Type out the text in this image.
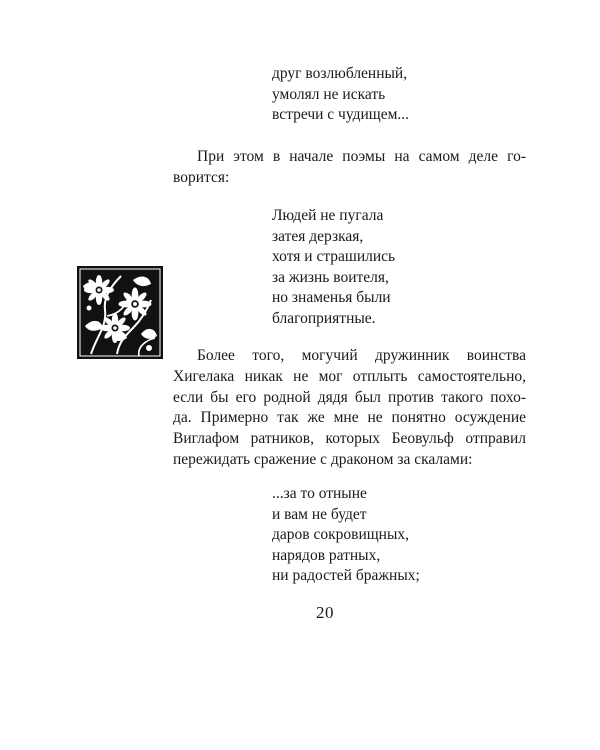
друг возлюбленный,
умолял не искать
встречи с чудищем...
При этом в начале поэмы на самом деле го-
ворится:
Людей не пугала
затея дерзкая,
хотя и страшились
за жизнь воителя,
но знаменья были
благоприятные.
Более того, могучий дружинник воинства
Хигелака никак не мог отплыть самостоятельно,
если бы его родной дядя был против такого похо-
да. Примерно так же мне не понятно осуждение
Виглафом ратников, которых Беовульф отправил
пережидать сражение с драконом за скалами:
...за то отныне
и вам не будет
даров сокровищных,
нарядов ратных,
ни радостей бражных;
20
